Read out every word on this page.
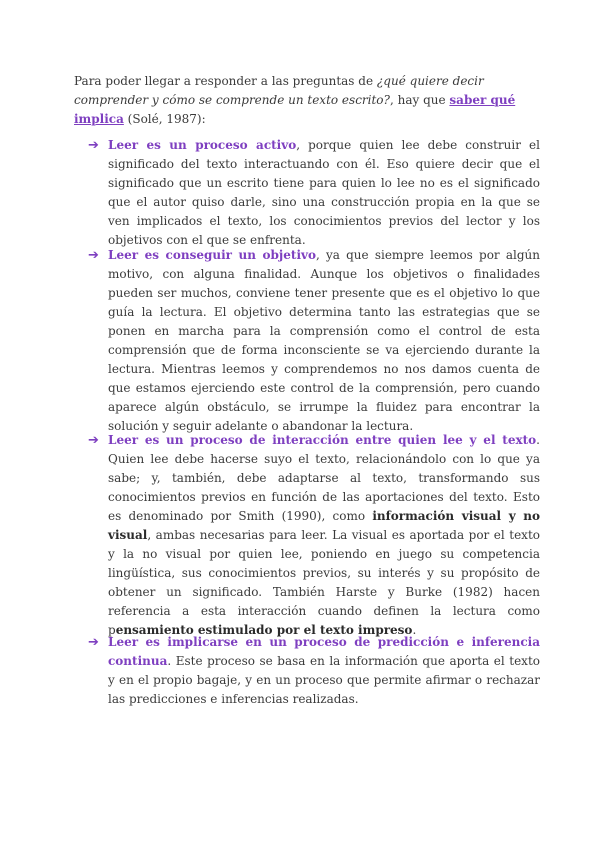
Para poder llegar a responder a las preguntas de ¿qué quiere decir comprender y cómo se comprende un texto escrito?, hay que saber qué implica (Solé, 1987):

➔ Leer es un proceso activo, porque quien lee debe construir el significado del texto interactuando con él. Eso quiere decir que el significado que un escrito tiene para quien lo lee no es el significado que el autor quiso darle, sino una construcción propia en la que se ven implicados el texto, los conocimientos previos del lector y los objetivos con el que se enfrenta.

➔ Leer es conseguir un objetivo, ya que siempre leemos por algún motivo, con alguna finalidad. Aunque los objetivos o finalidades pueden ser muchos, conviene tener presente que es el objetivo lo que guía la lectura. El objetivo determina tanto las estrategias que se ponen en marcha para la comprensión como el control de esta comprensión que de forma inconsciente se va ejerciendo durante la lectura. Mientras leemos y comprendemos no nos damos cuenta de que estamos ejerciendo este control de la comprensión, pero cuando aparece algún obstáculo, se irrumpe la fluidez para encontrar la solución y seguir adelante o abandonar la lectura.

➔ Leer es un proceso de interacción entre quien lee y el texto. Quien lee debe hacerse suyo el texto, relacionándolo con lo que ya sabe; y, también, debe adaptarse al texto, transformando sus conocimientos previos en función de las aportaciones del texto. Esto es denominado por Smith (1990), como información visual y no visual, ambas necesarias para leer. La visual es aportada por el texto y la no visual por quien lee, poniendo en juego su competencia lingüística, sus conocimientos previos, su interés y su propósito de obtener un significado. También Harste y Burke (1982) hacen referencia a esta interacción cuando definen la lectura como pensamiento estimulado por el texto impreso.

➔ Leer es implicarse en un proceso de predicción e inferencia continua. Este proceso se basa en la información que aporta el texto y en el propio bagaje, y en un proceso que permite afirmar o rechazar las predicciones e inferencias realizadas.
